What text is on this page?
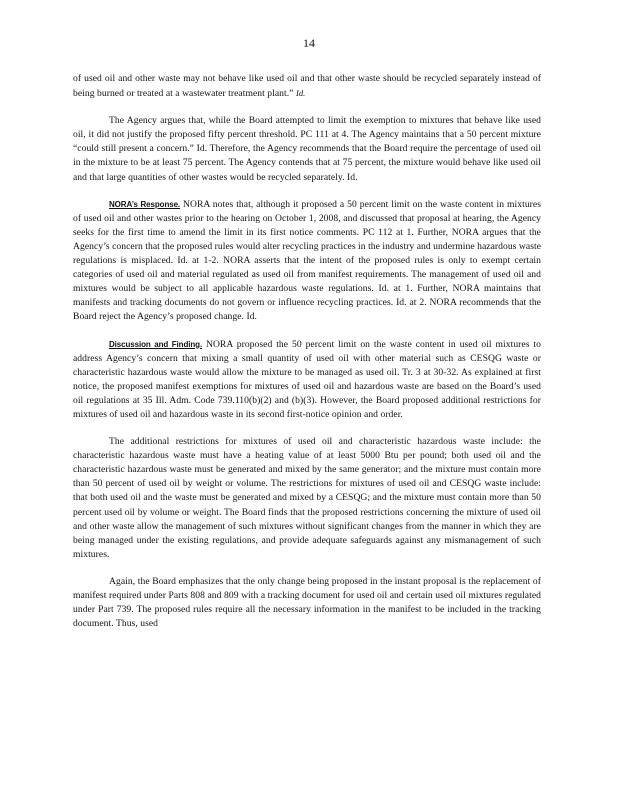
14

of used oil and other waste may not behave like used oil and that other waste should be recycled separately instead of being burned or treated at a wastewater treatment plant.” Id.

The Agency argues that, while the Board attempted to limit the exemption to mixtures that behave like used oil, it did not justify the proposed fifty percent threshold. PC 111 at 4. The Agency maintains that a 50 percent mixture “could still present a concern.” Id. Therefore, the Agency recommends that the Board require the percentage of used oil in the mixture to be at least 75 percent. The Agency contends that at 75 percent, the mixture would behave like used oil and that large quantities of other wastes would be recycled separately. Id.

NORA’s Response. NORA notes that, although it proposed a 50 percent limit on the waste content in mixtures of used oil and other wastes prior to the hearing on October 1, 2008, and discussed that proposal at hearing, the Agency seeks for the first time to amend the limit in its first notice comments. PC 112 at 1. Further, NORA argues that the Agency’s concern that the proposed rules would alter recycling practices in the industry and undermine hazardous waste regulations is misplaced. Id. at 1-2. NORA asserts that the intent of the proposed rules is only to exempt certain categories of used oil and material regulated as used oil from manifest requirements. The management of used oil and mixtures would be subject to all applicable hazardous waste regulations. Id. at 1. Further, NORA maintains that manifests and tracking documents do not govern or influence recycling practices. Id. at 2. NORA recommends that the Board reject the Agency’s proposed change. Id.

Discussion and Finding. NORA proposed the 50 percent limit on the waste content in used oil mixtures to address Agency’s concern that mixing a small quantity of used oil with other material such as CESQG waste or characteristic hazardous waste would allow the mixture to be managed as used oil. Tr. 3 at 30-32. As explained at first notice, the proposed manifest exemptions for mixtures of used oil and hazardous waste are based on the Board’s used oil regulations at 35 Ill. Adm. Code 739.110(b)(2) and (b)(3). However, the Board proposed additional restrictions for mixtures of used oil and hazardous waste in its second first-notice opinion and order.

The additional restrictions for mixtures of used oil and characteristic hazardous waste include: the characteristic hazardous waste must have a heating value of at least 5000 Btu per pound; both used oil and the characteristic hazardous waste must be generated and mixed by the same generator; and the mixture must contain more than 50 percent of used oil by weight or volume. The restrictions for mixtures of used oil and CESQG waste include: that both used oil and the waste must be generated and mixed by a CESQG; and the mixture must contain more than 50 percent used oil by volume or weight. The Board finds that the proposed restrictions concerning the mixture of used oil and other waste allow the management of such mixtures without significant changes from the manner in which they are being managed under the existing regulations, and provide adequate safeguards against any mismanagement of such mixtures.

Again, the Board emphasizes that the only change being proposed in the instant proposal is the replacement of manifest required under Parts 808 and 809 with a tracking document for used oil and certain used oil mixtures regulated under Part 739. The proposed rules require all the necessary information in the manifest to be included in the tracking document. Thus, used
